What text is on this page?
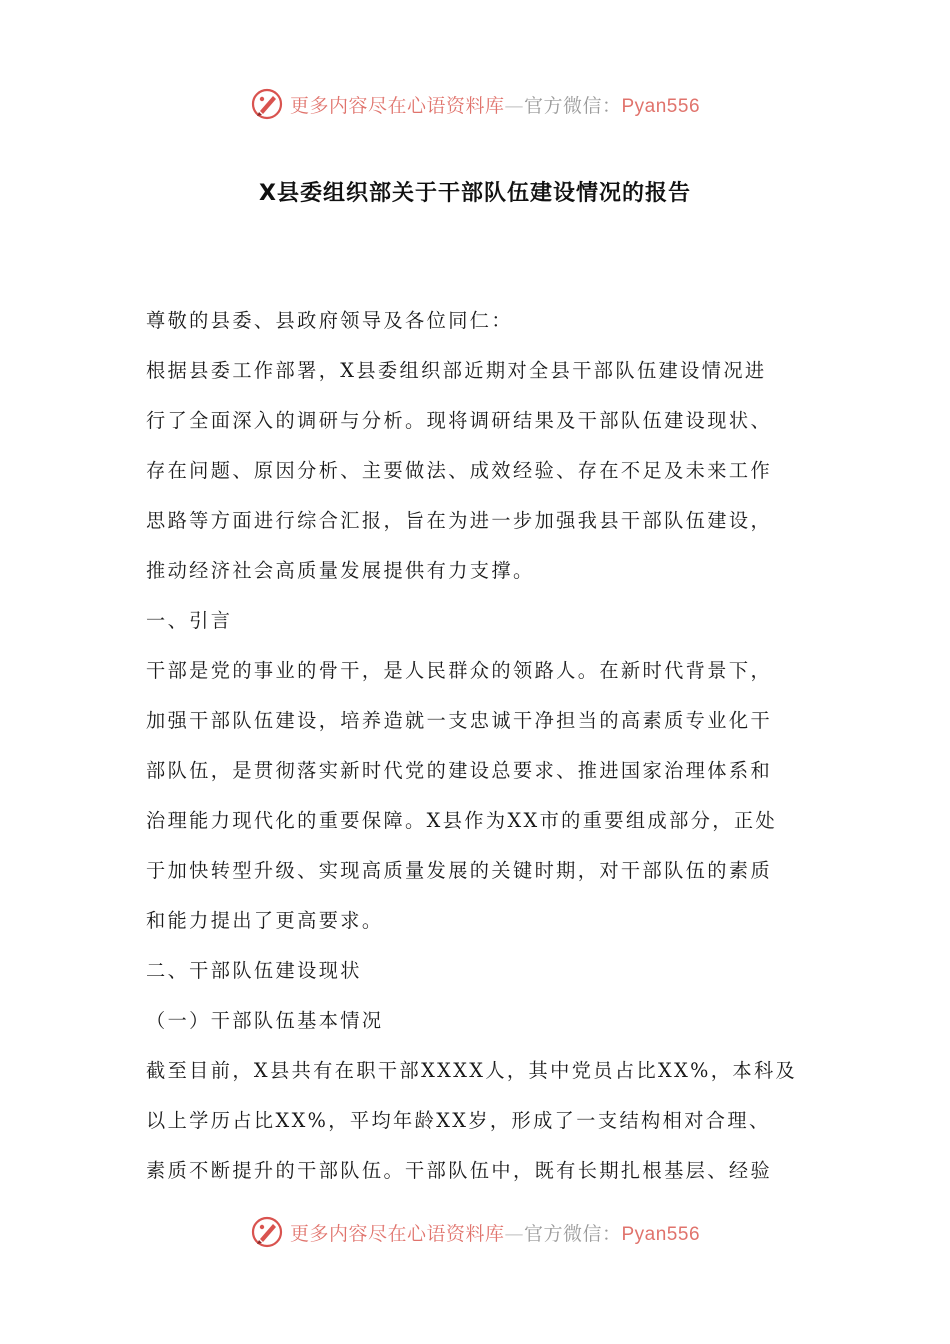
更多内容尽在心语资料库—官方微信：Pyan556
X县委组织部关于干部队伍建设情况的报告
尊敬的县委、县政府领导及各位同仁：
根据县委工作部署，X县委组织部近期对全县干部队伍建设情况进
行了全面深入的调研与分析。现将调研结果及干部队伍建设现状、
存在问题、原因分析、主要做法、成效经验、存在不足及未来工作
思路等方面进行综合汇报，旨在为进一步加强我县干部队伍建设，
推动经济社会高质量发展提供有力支撑。
一、引言
干部是党的事业的骨干，是人民群众的领路人。在新时代背景下，
加强干部队伍建设，培养造就一支忠诚干净担当的高素质专业化干
部队伍，是贯彻落实新时代党的建设总要求、推进国家治理体系和
治理能力现代化的重要保障。X县作为XX市的重要组成部分，正处
于加快转型升级、实现高质量发展的关键时期，对干部队伍的素质
和能力提出了更高要求。
二、干部队伍建设现状
（一）干部队伍基本情况
截至目前，X县共有在职干部XXXX人，其中党员占比XX%，本科及
以上学历占比XX%，平均年龄XX岁，形成了一支结构相对合理、
素质不断提升的干部队伍。干部队伍中，既有长期扎根基层、经验
更多内容尽在心语资料库—官方微信：Pyan556
